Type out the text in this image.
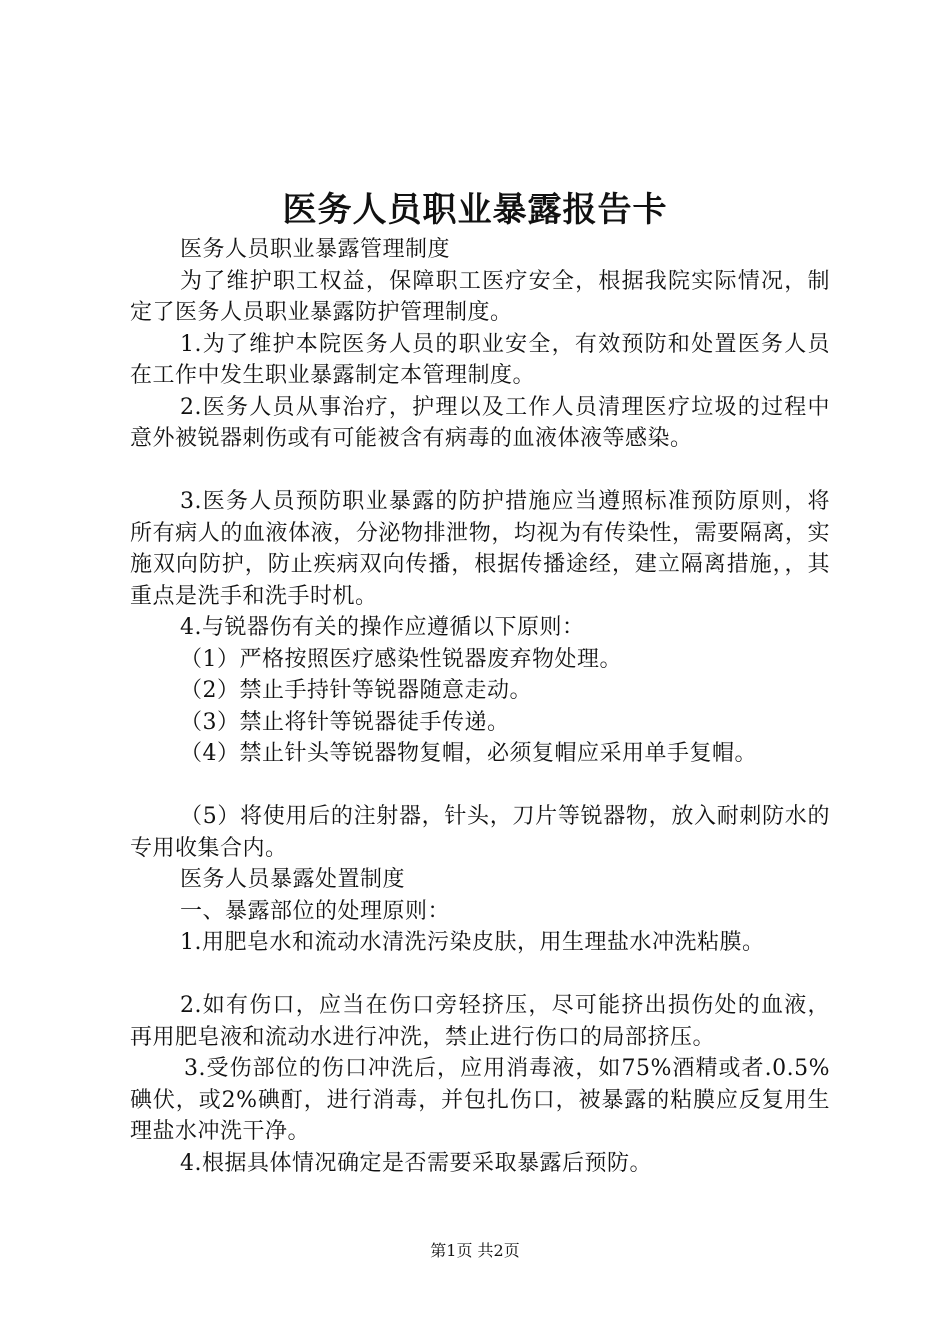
医务人员职业暴露报告卡

医务人员职业暴露管理制度

为了维护职工权益，保障职工医疗安全，根据我院实际情况，制定了医务人员职业暴露防护管理制度。

1.为了维护本院医务人员的职业安全，有效预防和处置医务人员在工作中发生职业暴露制定本管理制度。

2.医务人员从事治疗，护理以及工作人员清理医疗垃圾的过程中意外被锐器刺伤或有可能被含有病毒的血液体液等感染。

3.医务人员预防职业暴露的防护措施应当遵照标准预防原则，将所有病人的血液体液，分泌物排泄物，均视为有传染性，需要隔离，实施双向防护，防止疾病双向传播，根据传播途经，建立隔离措施，，其重点是洗手和洗手时机。

4.与锐器伤有关的操作应遵循以下原则：

（1）严格按照医疗感染性锐器废弃物处理。

（2）禁止手持针等锐器随意走动。

（3）禁止将针等锐器徒手传递。

（4）禁止针头等锐器物复帽，必须复帽应采用单手复帽。

（5）将使用后的注射器，针头，刀片等锐器物，放入耐刺防水的专用收集合内。

医务人员暴露处置制度

一、暴露部位的处理原则：

1.用肥皂水和流动水清洗污染皮肤，用生理盐水冲洗粘膜。

2.如有伤口，应当在伤口旁轻挤压，尽可能挤出损伤处的血液，再用肥皂液和流动水进行冲洗，禁止进行伤口的局部挤压。

3.受伤部位的伤口冲洗后，应用消毒液，如75%酒精或者.0.5%碘伏，或2%碘酊，进行消毒，并包扎伤口，被暴露的粘膜应反复用生理盐水冲洗干净。

4.根据具体情况确定是否需要采取暴露后预防。

第1页 共2页
